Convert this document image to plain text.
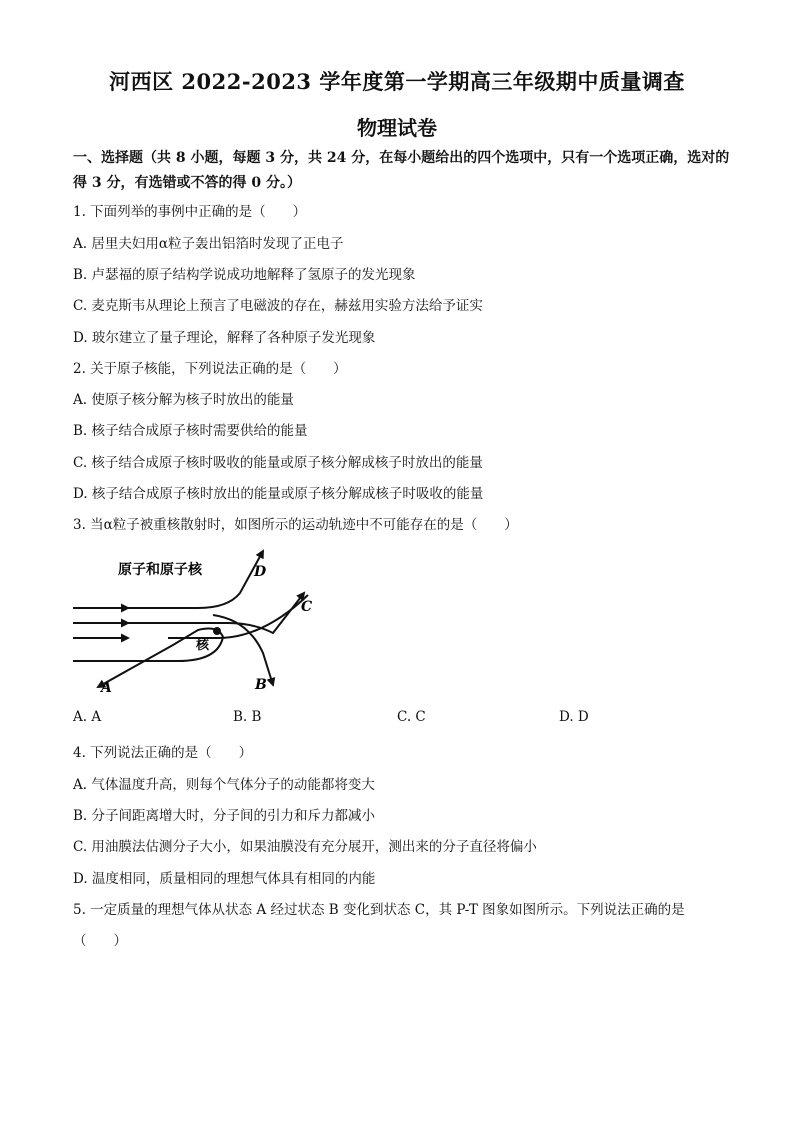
河西区 2022-2023 学年度第一学期高三年级期中质量调查
物理试卷
一、选择题（共 8 小题，每题 3 分，共 24 分，在每小题给出的四个选项中，只有一个选项正确，选对的得 3 分，有选错或不答的得 0 分。）
1. 下面列举的事例中正确的是（　　）
A. 居里夫妇用α粒子轰出铝箔时发现了正电子
B. 卢瑟福的原子结构学说成功地解释了氢原子的发光现象
C. 麦克斯韦从理论上预言了电磁波的存在，赫兹用实验方法给予证实
D. 玻尔建立了量子理论，解释了各种原子发光现象
2. 关于原子核能，下列说法正确的是（　　）
A. 使原子核分解为核子时放出的能量
B. 核子结合成原子核时需要供给的能量
C. 核子结合成原子核时吸收的能量或原子核分解成核子时放出的能量
D. 核子结合成原子核时放出的能量或原子核分解成核子时吸收的能量
3. 当α粒子被重核散射时，如图所示的运动轨迹中不可能存在的是（　　）
原子和原子核
核
A	B
C
D
A. A	B. B	C. C	D. D
4. 下列说法正确的是（　　）
A. 气体温度升高，则每个气体分子的动能都将变大
B. 分子间距离增大时，分子间的引力和斥力都减小
C. 用油膜法估测分子大小，如果油膜没有充分展开，测出来的分子直径将偏小
D. 温度相同，质量相同的理想气体具有相同的内能
5. 一定质量的理想气体从状态 A 经过状态 B 变化到状态 C，其 P-T 图象如图所示。下列说法正确的是
（　　）
